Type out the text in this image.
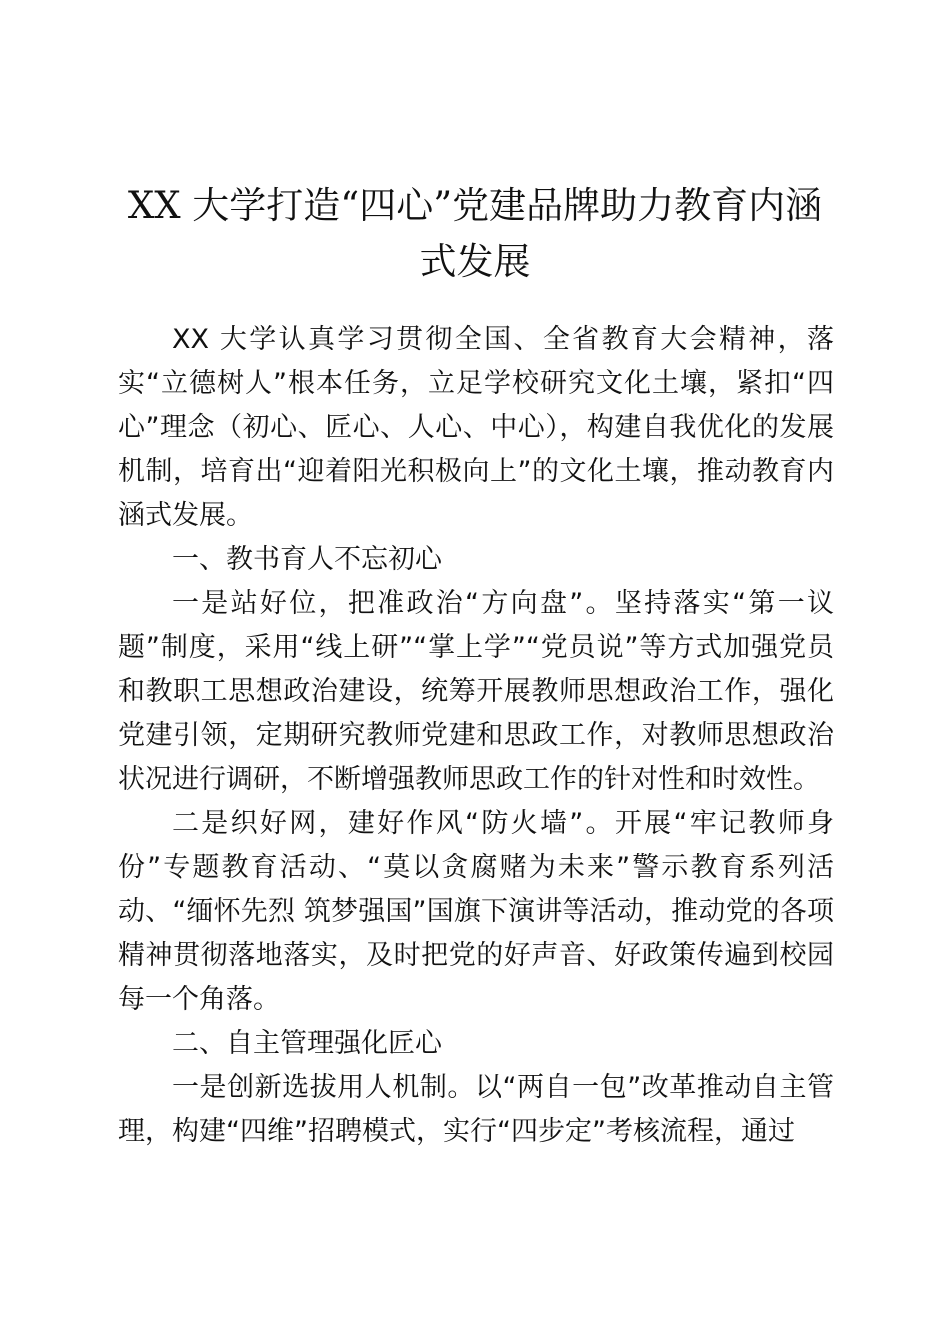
XX 大学打造“四心”党建品牌助力教育内涵
式发展

XX 大学认真学习贯彻全国、全省教育大会精神，落实“立德树人”根本任务，立足学校研究文化土壤，紧扣“四心”理念（初心、匠心、人心、中心），构建自我优化的发展机制，培育出“迎着阳光积极向上”的文化土壤，推动教育内涵式发展。

一、教书育人不忘初心

一是站好位，把准政治“方向盘”。坚持落实“第一议题”制度，采用“线上研”“掌上学”“党员说”等方式加强党员和教职工思想政治建设，统筹开展教师思想政治工作，强化党建引领，定期研究教师党建和思政工作，对教师思想政治状况进行调研，不断增强教师思政工作的针对性和时效性。

二是织好网，建好作风“防火墙”。开展“牢记教师身份”专题教育活动、“莫以贪腐赌为未来”警示教育系列活动、“缅怀先烈 筑梦强国”国旗下演讲等活动，推动党的各项精神贯彻落地落实，及时把党的好声音、好政策传遍到校园每一个角落。

二、自主管理强化匠心

一是创新选拔用人机制。以“两自一包”改革推动自主管理，构建“四维”招聘模式，实行“四步定”考核流程，通过
